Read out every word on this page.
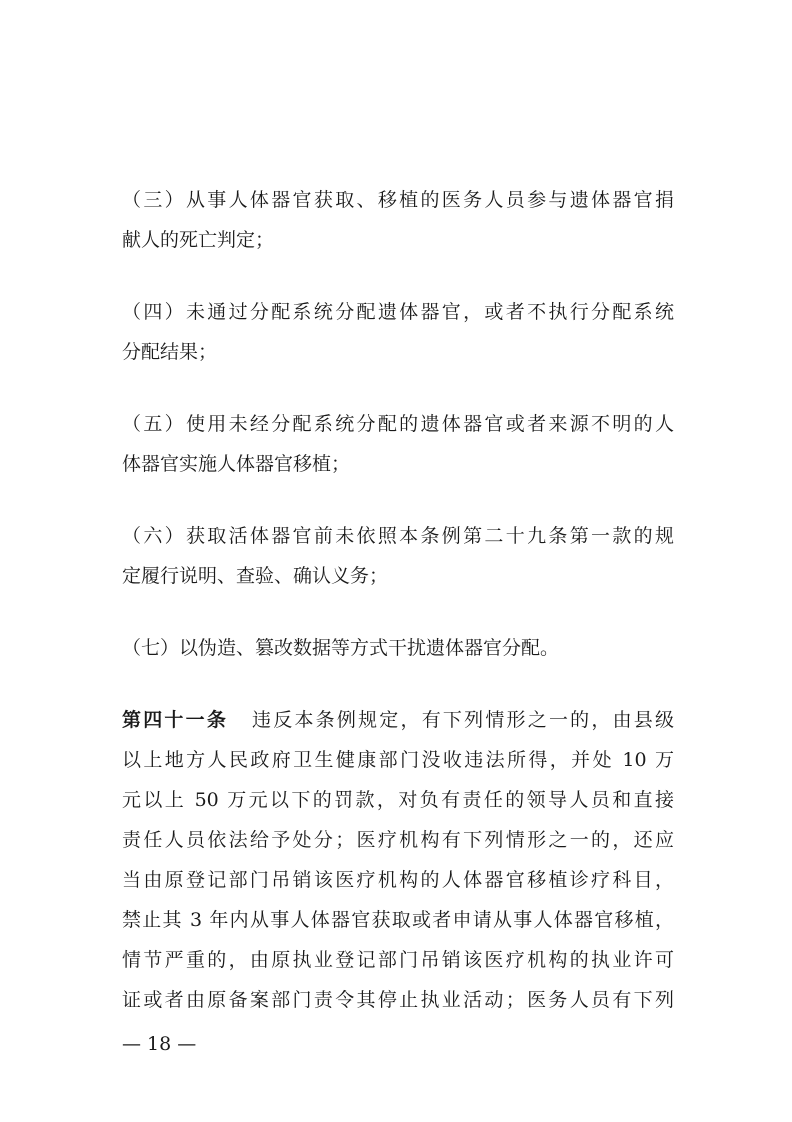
（三）从事人体器官获取、移植的医务人员参与遗体器官捐
献人的死亡判定；
（四）未通过分配系统分配遗体器官，或者不执行分配系统
分配结果；
（五）使用未经分配系统分配的遗体器官或者来源不明的人
体器官实施人体器官移植；
（六）获取活体器官前未依照本条例第二十九条第一款的规
定履行说明、查验、确认义务；
（七）以伪造、篡改数据等方式干扰遗体器官分配。
第四十一条 违反本条例规定，有下列情形之一的，由县级
以上地方人民政府卫生健康部门没收违法所得，并处 10 万
元以上 50 万元以下的罚款，对负有责任的领导人员和直接
责任人员依法给予处分；医疗机构有下列情形之一的，还应
当由原登记部门吊销该医疗机构的人体器官移植诊疗科目，
禁止其 3 年内从事人体器官获取或者申请从事人体器官移植，
情节严重的，由原执业登记部门吊销该医疗机构的执业许可
证或者由原备案部门责令其停止执业活动；医务人员有下列
— 18 —
